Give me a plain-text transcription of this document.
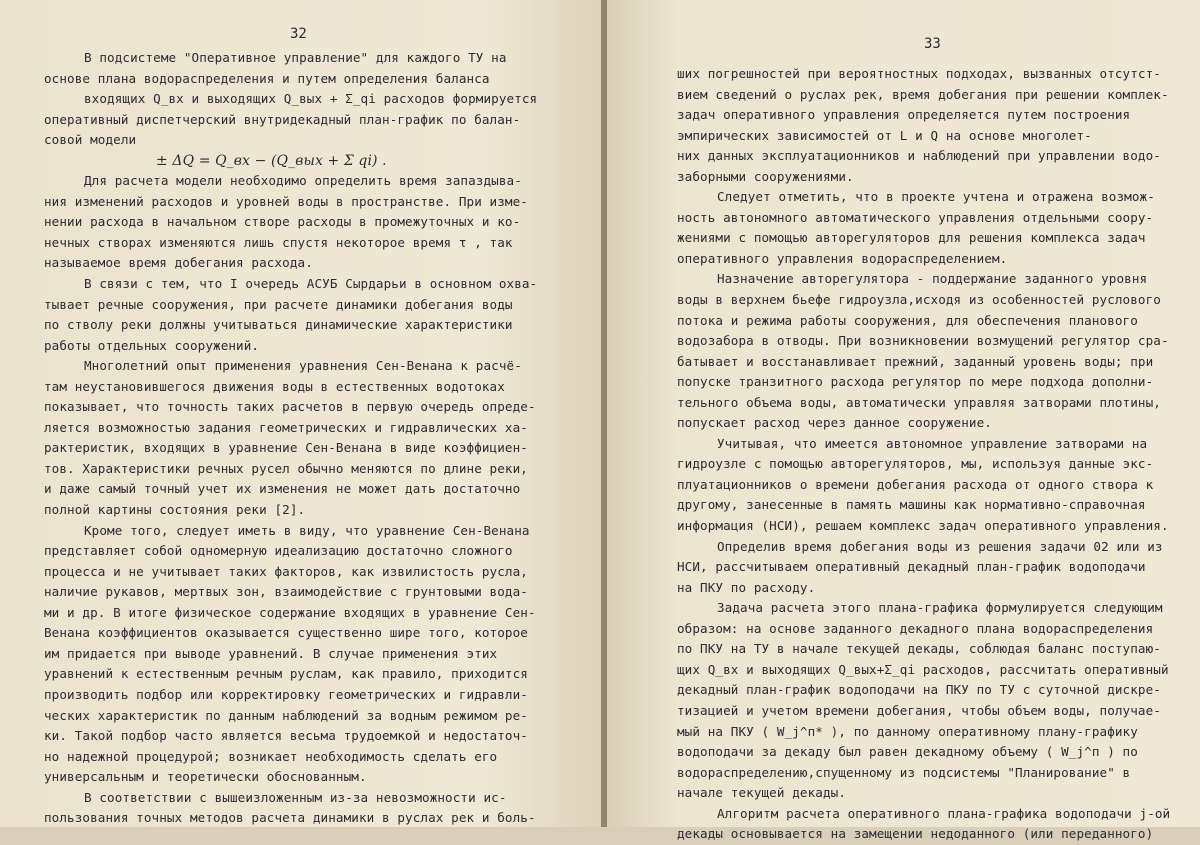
32
В подсистеме "Оперативное управление" для каждого ТУ на
основе плана водораспределения и путем определения баланса
входящих Q_вх и выходящих Q_вых + Σ_qi расходов формируется
оперативный диспетчерский внутридекадный план-график по балан-
совой модели
± ΔQ = Q_вх − (Q_вых + Σ qi) .
Для расчета модели необходимо определить время запаздыва-
ния изменений расходов и уровней воды в пространстве. При изме-
нении расхода в начальном створе расходы в промежуточных и ко-
нечных створах изменяются лишь спустя некоторое время τ , так
называемое время добегания расхода.
В связи с тем, что I очередь АСУБ Сырдарьи в основном охва-
тывает речные сооружения, при расчете динамики добегания воды
по стволу реки должны учитываться динамические характеристики
работы отдельных сооружений.
Многолетний опыт применения уравнения Сен-Венана к расчё-
там неустановившегося движения воды в естественных водотоках
показывает, что точность таких расчетов в первую очередь опреде-
ляется возможностью задания геометрических и гидравлических ха-
рактеристик, входящих в уравнение Сен-Венана в виде коэффициен-
тов. Характеристики речных русел обычно меняются по длине реки,
и даже самый точный учет их изменения не может дать достаточно
полной картины состояния реки [2].
Кроме того, следует иметь в виду, что уравнение Сен-Венана
представляет собой одномерную идеализацию достаточно сложного
процесса и не учитывает таких факторов, как извилистость русла,
наличие рукавов, мертвых зон, взаимодействие с грунтовыми вода-
ми и др. В итоге физическое содержание входящих в уравнение Сен-
Венана коэффициентов оказывается существенно шире того, которое
им придается при выводе уравнений. В случае применения этих
уравнений к естественным речным руслам, как правило, приходится
производить подбор или корректировку геометрических и гидравли-
ческих характеристик по данным наблюдений за водным режимом ре-
ки. Такой подбор часто является весьма трудоемкой и недостаточ-
но надежной процедурой; возникает необходимость сделать его
универсальным и теоретически обоснованным.
В соответствии с вышеизложенным из-за невозможности ис-
пользования точных методов расчета динамики в руслах рек и боль-
33
ших погрешностей при вероятностных подходах, вызванных отсутст-
вием сведений о руслах рек, время добегания при решении комплек-
задач оперативного управления определяется путем построения
эмпирических зависимостей от L и Q на основе многолет-
них данных эксплуатационников и наблюдений при управлении водо-
заборными сооружениями.
Следует отметить, что в проекте учтена и отражена возмож-
ность автономного автоматического управления отдельными соору-
жениями с помощью авторегуляторов для решения комплекса задач
оперативного управления водораспределением.
Назначение авторегулятора - поддержание заданного уровня
воды в верхнем бьефе гидроузла,исходя из особенностей руслового
потока и режима работы сооружения, для обеспечения планового
водозабора в отводы. При возникновении возмущений регулятор сра-
батывает и восстанавливает прежний, заданный уровень воды; при
попуске транзитного расхода регулятор по мере подхода дополни-
тельного объема воды, автоматически управляя затворами плотины,
попускает расход через данное сооружение.
Учитывая, что имеется автономное управление затворами на
гидроузле с помощью авторегуляторов, мы, используя данные экс-
плуатационников о времени добегания расхода от одного створа к
другому, занесенные в память машины как нормативно-справочная
информация (НСИ), решаем комплекс задач оперативного управления.
Определив время добегания воды из решения задачи 02 или из
НСИ, рассчитываем оперативный декадный план-график водоподачи
на ПКУ по расходу.
Задача расчета этого плана-графика формулируется следующим
образом: на основе заданного декадного плана водораспределения
по ПКУ на ТУ в начале текущей декады, соблюдая баланс поступаю-
щих Q_вх и выходящих Q_вых+Σ_qi расходов, рассчитать оперативный
декадный план-график водоподачи на ПКУ по ТУ с суточной дискре-
тизацией и учетом времени добегания, чтобы объем воды, получае-
мый на ПКУ ( W_j^п* ), по данному оперативному плану-графику
водоподачи за декаду был равен декадному объему ( W_j^п ) по
водораспределению,спущенному из подсистемы "Планирование" в
начале текущей декады.
Алгоритм расчета оперативного плана-графика водоподачи j-ой
декады основывается на замещении недоданного (или переданного)
